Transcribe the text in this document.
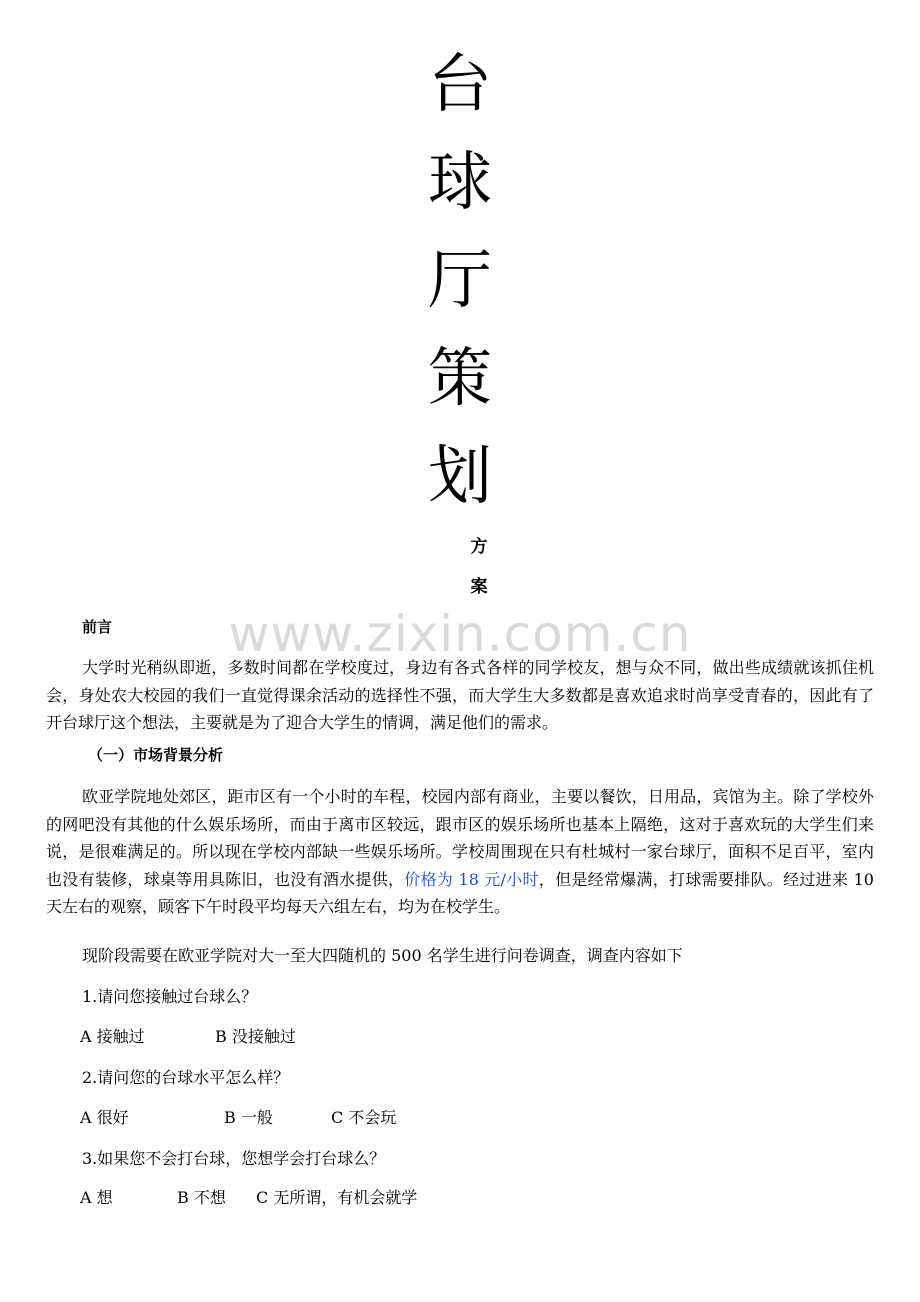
台
球
厅
策
划
方
案
www.zixin.com.cn
前言

大学时光稍纵即逝，多数时间都在学校度过，身边有各式各样的同学校友，想与众不同，做出些成绩就该抓住机会，身处农大校园的我们一直觉得课余活动的选择性不强，而大学生大多数都是喜欢追求时尚享受青春的，因此有了开台球厅这个想法，主要就是为了迎合大学生的情调，满足他们的需求。

（一）市场背景分析

欧亚学院地处郊区，距市区有一个小时的车程，校园内部有商业，主要以餐饮，日用品，宾馆为主。除了学校外的网吧没有其他的什么娱乐场所，而由于离市区较远，跟市区的娱乐场所也基本上隔绝，这对于喜欢玩的大学生们来说，是很难满足的。所以现在学校内部缺一些娱乐场所。学校周围现在只有杜城村一家台球厅，面积不足百平，室内也没有装修，球桌等用具陈旧，也没有酒水提供，价格为 18 元/小时，但是经常爆满，打球需要排队。经过进来 10 天左右的观察，顾客下午时段平均每天六组左右，均为在校学生。

现阶段需要在欧亚学院对大一至大四随机的 500 名学生进行问卷调查，调查内容如下
1.请问您接触过台球么？
A 接触过	B 没接触过
2.请问您的台球水平怎么样？
A 很好	B 一般	C 不会玩
3.如果您不会打台球，您想学会打台球么？
A 想	B 不想 C 无所谓，有机会就学
